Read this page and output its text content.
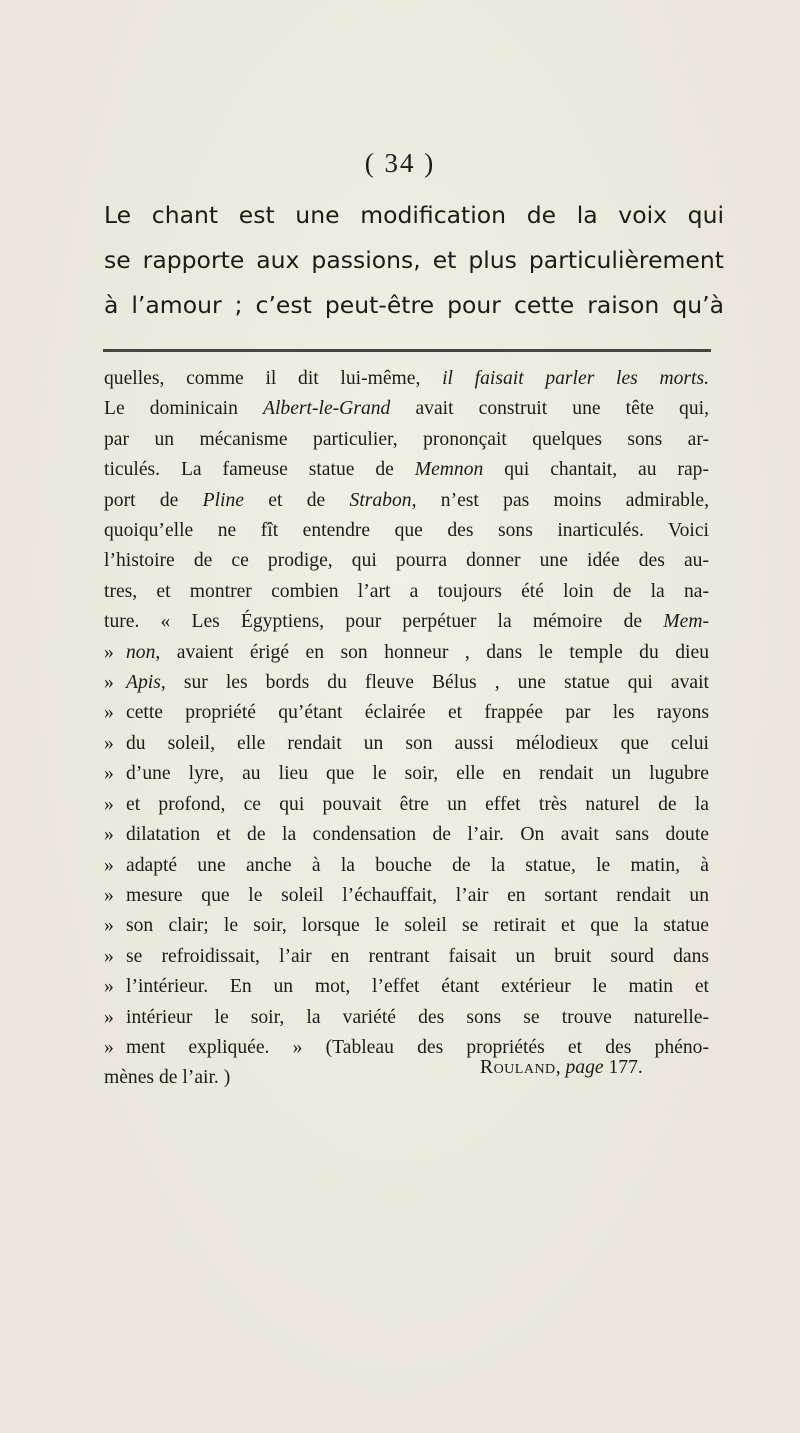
( 34 )
Le chant est une modification de la voix qui
se rapporte aux passions, et plus particulièrement
à l’amour ; c’est peut-être pour cette raison qu’à
quelles, comme il dit lui-même, il faisait parler les morts.
Le dominicain Albert-le-Grand avait construit une tête qui,
par un mécanisme particulier, prononçait quelques sons ar-
ticulés. La fameuse statue de Memnon qui chantait, au rap-
port de Pline et de Strabon, n’est pas moins admirable,
quoiqu’elle ne fît entendre que des sons inarticulés. Voici
l’histoire de ce prodige, qui pourra donner une idée des au-
tres, et montrer combien l’art a toujours été loin de la na-
ture. « Les Égyptiens, pour perpétuer la mémoire de Mem-
» non, avaient érigé en son honneur , dans le temple du dieu
» Apis, sur les bords du fleuve Bélus , une statue qui avait
» cette propriété qu’étant éclairée et frappée par les rayons
» du soleil, elle rendait un son aussi mélodieux que celui
» d’une lyre, au lieu que le soir, elle en rendait un lugubre
» et profond, ce qui pouvait être un effet très naturel de la
» dilatation et de la condensation de l’air. On avait sans doute
» adapté une anche à la bouche de la statue, le matin, à
» mesure que le soleil l’échauffait, l’air en sortant rendait un
» son clair; le soir, lorsque le soleil se retirait et que la statue
» se refroidissait, l’air en rentrant faisait un bruit sourd dans
» l’intérieur. En un mot, l’effet étant extérieur le matin et
» intérieur le soir, la variété des sons se trouve naturelle-
» ment expliquée. » (Tableau des propriétés et des phéno-
mènes de l’air. )	Rouland, page 177.
